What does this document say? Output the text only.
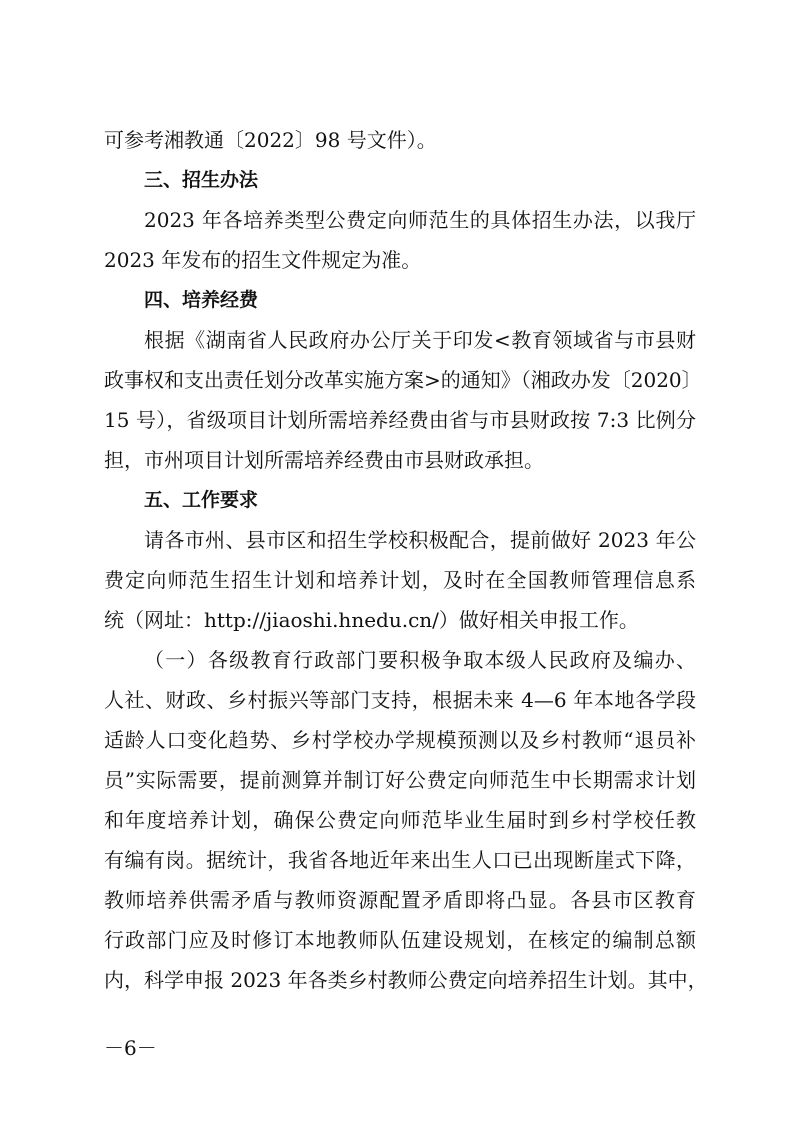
可参考湘教通〔2022〕98 号文件）。
三、招生办法
2023 年各培养类型公费定向师范生的具体招生办法，以我厅
2023 年发布的招生文件规定为准。
四、培养经费
根据《湖南省人民政府办公厅关于印发<教育领域省与市县财
政事权和支出责任划分改革实施方案>的通知》（湘政办发〔2020〕
15 号），省级项目计划所需培养经费由省与市县财政按 7:3 比例分
担，市州项目计划所需培养经费由市县财政承担。
五、工作要求
请各市州、县市区和招生学校积极配合，提前做好 2023 年公
费定向师范生招生计划和培养计划，及时在全国教师管理信息系
统（网址：http://jiaoshi.hnedu.cn/）做好相关申报工作。
（一）各级教育行政部门要积极争取本级人民政府及编办、
人社、财政、乡村振兴等部门支持，根据未来 4—6 年本地各学段
适龄人口变化趋势、乡村学校办学规模预测以及乡村教师“退员补
员”实际需要，提前测算并制订好公费定向师范生中长期需求计划
和年度培养计划，确保公费定向师范毕业生届时到乡村学校任教
有编有岗。据统计，我省各地近年来出生人口已出现断崖式下降，
教师培养供需矛盾与教师资源配置矛盾即将凸显。各县市区教育
行政部门应及时修订本地教师队伍建设规划，在核定的编制总额
内，科学申报 2023 年各类乡村教师公费定向培养招生计划。其中，
－6－
